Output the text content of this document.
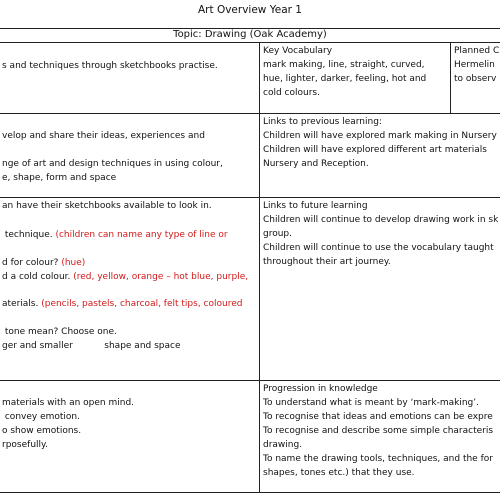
Art Overview Year 1
Topic: Drawing (Oak Academy)
s and techniques through sketchbooks practise.
Key Vocabulary
mark making, line, straight, curved,
hue, lighter, darker, feeling, hot and
cold colours.
Planned C
Hermelin
to observ
velop and share their ideas, experiences and
nge of art and design techniques in using colour,
e, shape, form and space
Links to previous learning:
Children will have explored mark making in Nursery
Children will have explored different art materials
Nursery and Reception.
an have their sketchbooks available to look in.
technique. (children can name any type of line or
d for colour? (hue)
d a cold colour. (red, yellow, orange – hot blue, purple,
aterials. (pencils, pastels, charcoal, felt tips, coloured
tone mean? Choose one.
ger and smaller           shape and space
Links to future learning
Children will continue to develop drawing work in sk
group.
Children will continue to use the vocabulary taught
throughout their art journey.
materials with an open mind.
convey emotion.
o show emotions.
rposefully.
Progression in knowledge
To understand what is meant by ‘mark-making’.
To recognise that ideas and emotions can be expre
To recognise and describe some simple characteris
drawing.
To name the drawing tools, techniques, and the for
shapes, tones etc.) that they use.
